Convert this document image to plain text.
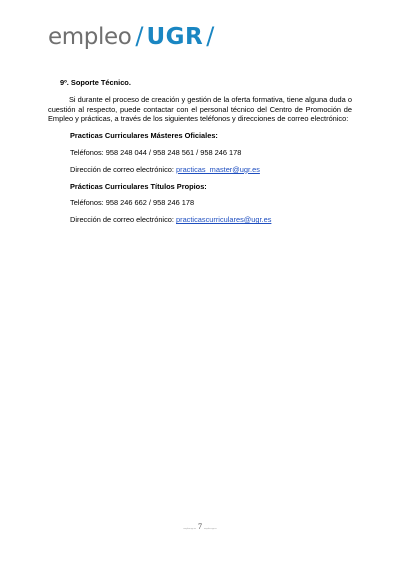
empleo / UGR /
9º. Soporte Técnico.
Si durante el proceso de creación y gestión de la oferta formativa, tiene alguna duda o cuestión al respecto, puede contactar con el personal técnico del Centro de Promoción de Empleo y prácticas, a través de los siguientes teléfonos y direcciones de correo electrónico:
Practicas Curriculares Másteres Oficiales:
Teléfonos: 958 248 044 / 958 248 561 / 958 246 178
Dirección de correo electrónico: practicas_master@ugr.es
Prácticas Curriculares Títulos Propios:
Teléfonos: 958 246 662 / 958 246 178
Dirección de correo electrónico: practicascurriculares@ugr.es
empleo.ugr.es 7 empleo.ugr.es
